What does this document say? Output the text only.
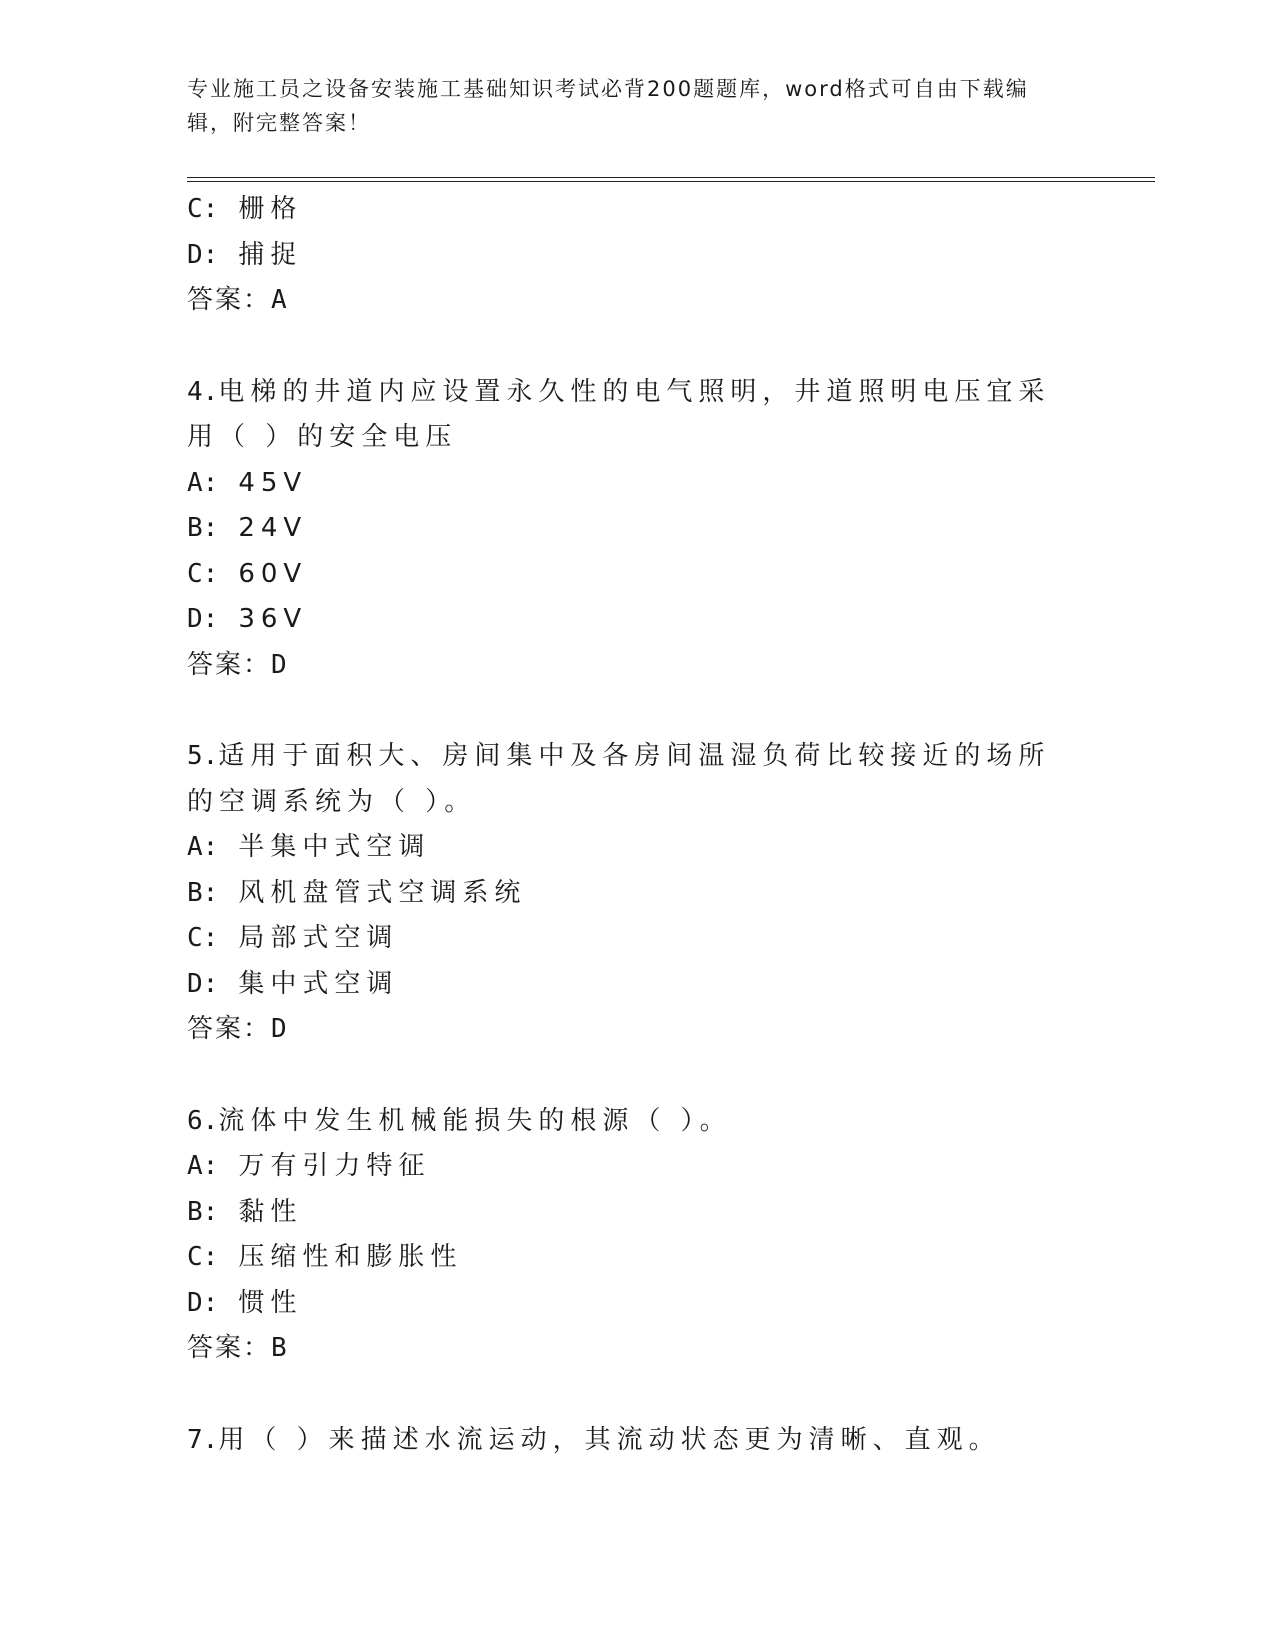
专业施工员之设备安装施工基础知识考试必背200题题库，word格式可自由下载编辑，附完整答案！
C: 栅格
D: 捕捉
答案：A
4.电梯的井道内应设置永久性的电气照明，井道照明电压宜采用（ ）的安全电压
A: 45V
B: 24V
C: 60V
D: 36V
答案：D
5.适用于面积大、房间集中及各房间温湿负荷比较接近的场所的空调系统为（ ）。
A: 半集中式空调
B: 风机盘管式空调系统
C: 局部式空调
D: 集中式空调
答案：D
6.流体中发生机械能损失的根源（ ）。
A: 万有引力特征
B: 黏性
C: 压缩性和膨胀性
D: 惯性
答案：B
7.用（ ）来描述水流运动，其流动状态更为清晰、直观。
